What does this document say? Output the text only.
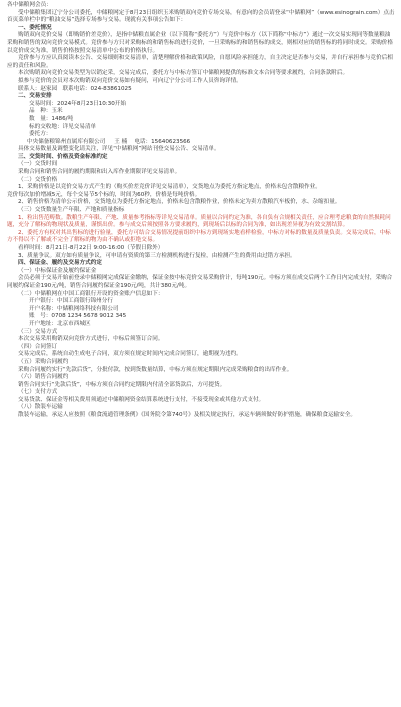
各中储粮网会员：

受中储粮集团辽宁分公司委托，中储粮网定于8月23日组织玉米购销双向竞价专场交易，有意向的会员请登录“中储粮网”（www.esinograin.com）点击首页菜单栏中的“粮油交易”选择专场参与交易。现就有关事项公告如下：

一、委托情况

购销双向竞价交易（即购销价差竞价），是指中储粮直属企业（以下简称“委托方”）与竞价中标方（以下简称“中标方”）通过一次交易实现同等数量粮油采购和销售的双向竞价交易模式。竞价参与方只对采购标的和销售标的进行竞价，一旦采购标的和销售标的成交，则相对应的销售标的将同时成交。采购价格以竞价成交为准，销售价格按照交易清单中公布的价格执行。

竞价参与方应认真阅读本公告、交易细则和交易清单，清楚理解价格和政策风险，自愿风险承担能力，自主决定是否参与交易，并自行承担参与竞价后相应的责任和风险。

本次购销双向竞价交易类型为以销定采，交易完成后，委托方与中标方签订中储粮网提供的标准文本合同等要求履约，合同条款附后。

拟参与竞价的会员对本次购销双向竞价交易如有疑问，可向辽宁分公司工作人员咨询详情。

联系人：赵家园 联系电话：024-83861025

二、交易安排

交易时间：2024年8月23日10:30开始

品　种：玉米

数　量：1486/吨

标的交收地：详见交易清单

委托方：

中央储备粮锦州直属库有限公司 王 楠 电话：15640623566

具体交易数量及调整变化请关注，详见“中储粮网”网站刊登交易公告、交易清单。

三、交货时间、价格及资金标准约定

（一）交货时间

采购合同和销售合同的履约期限和出入库作业期限详见交易清单。

（二）交货价格

1、采购价格是以竞价交易方式产生的（购买价差竞价详见交易清单），交货地点为委托方指定地点，价格未包含散粮作业。

竞价每次加价增减5元，每个交易节5个标的，时间为60秒，价格是每吨价格。

2、销售价格为清单公示价格，交货地点为委托方指定地点，价格未包含散粮作业，价格未定为卖方散粮汽车板价，水、杂缩扣量。

（三）交货数量生产年限、产地和质量指标

1、粒出售范畴数。散粮生产年限、产地、质量参考指标等详见交易清单。质量以合同约定为准，各自负有合规相关责任，应合理考虑粮食的自然损耗问题，充分了解标的物现状及质量，谨慎出价。参与成交后须按照各方要求履约，到现场后以标的合同为准，如出现差异视为有效交割结算。

2、委托方有权对其出售标的进行验量，委托方可结合交易情况提前组织中标方到现场实地看样检验，中标方对标的数量及质量负责。交易完成后，中标方不得以不了解或不完全了解标的物为由不确认或拒绝交易。

看样时间：8月21日-8月22日 9:00-16:00（节假日除外）

3、质量争议。双方如有质量争议，可申请有资质的第三方检测机构进行复检，由检测产生的费用由过错方承担。

四、保证金、履约及交易方式约定

（一）中标保证金及履约保证金

会员必须于交易开始前登录中储粮网完成保证金缴纳，保证金按中标竞价交易采购价计，每吨190元。中标方须在成交后两个工作日内完成支付，采购合同履约保证金190元/吨，销售合同履约保证金190元/吨，共计380元/吨。

（二）中储粮网在中国工商银行开设的资金账户信息如下：

开户银行：中国工商银行锦州分行

开户名称：中储粮网络科技有限公司

账　号：0708 1234 5678 9012 345

开户地址：北京市西城区

（三）交易方式

本次交易采用购销双向竞价方式进行，中标后须签订合同。

（四）合同签订

交易完成后，系统自动生成电子合同，双方须在规定时间内完成合同签订，逾期视为违约。

（五）采购合同履约

采购合同履约实行“先款后货”，分批付款，按到货数量结算，中标方须在规定期限内完成采购粮食的出库作业。

（六）销售合同履约

销售合同实行“先款后货”，中标方须在合同约定期限内付清全部货款后，方可提货。

（七）支付方式

交易货款、保证金等相关费用须通过中储粮网资金结算系统进行支付，不接受现金或其他方式支付。

（八）散装车运输

散装车运输，承运人应按照《粮食流通管理条例》《国务院令第740号》及相关规定执行，承运车辆须做好防护措施，确保粮食运输安全。
